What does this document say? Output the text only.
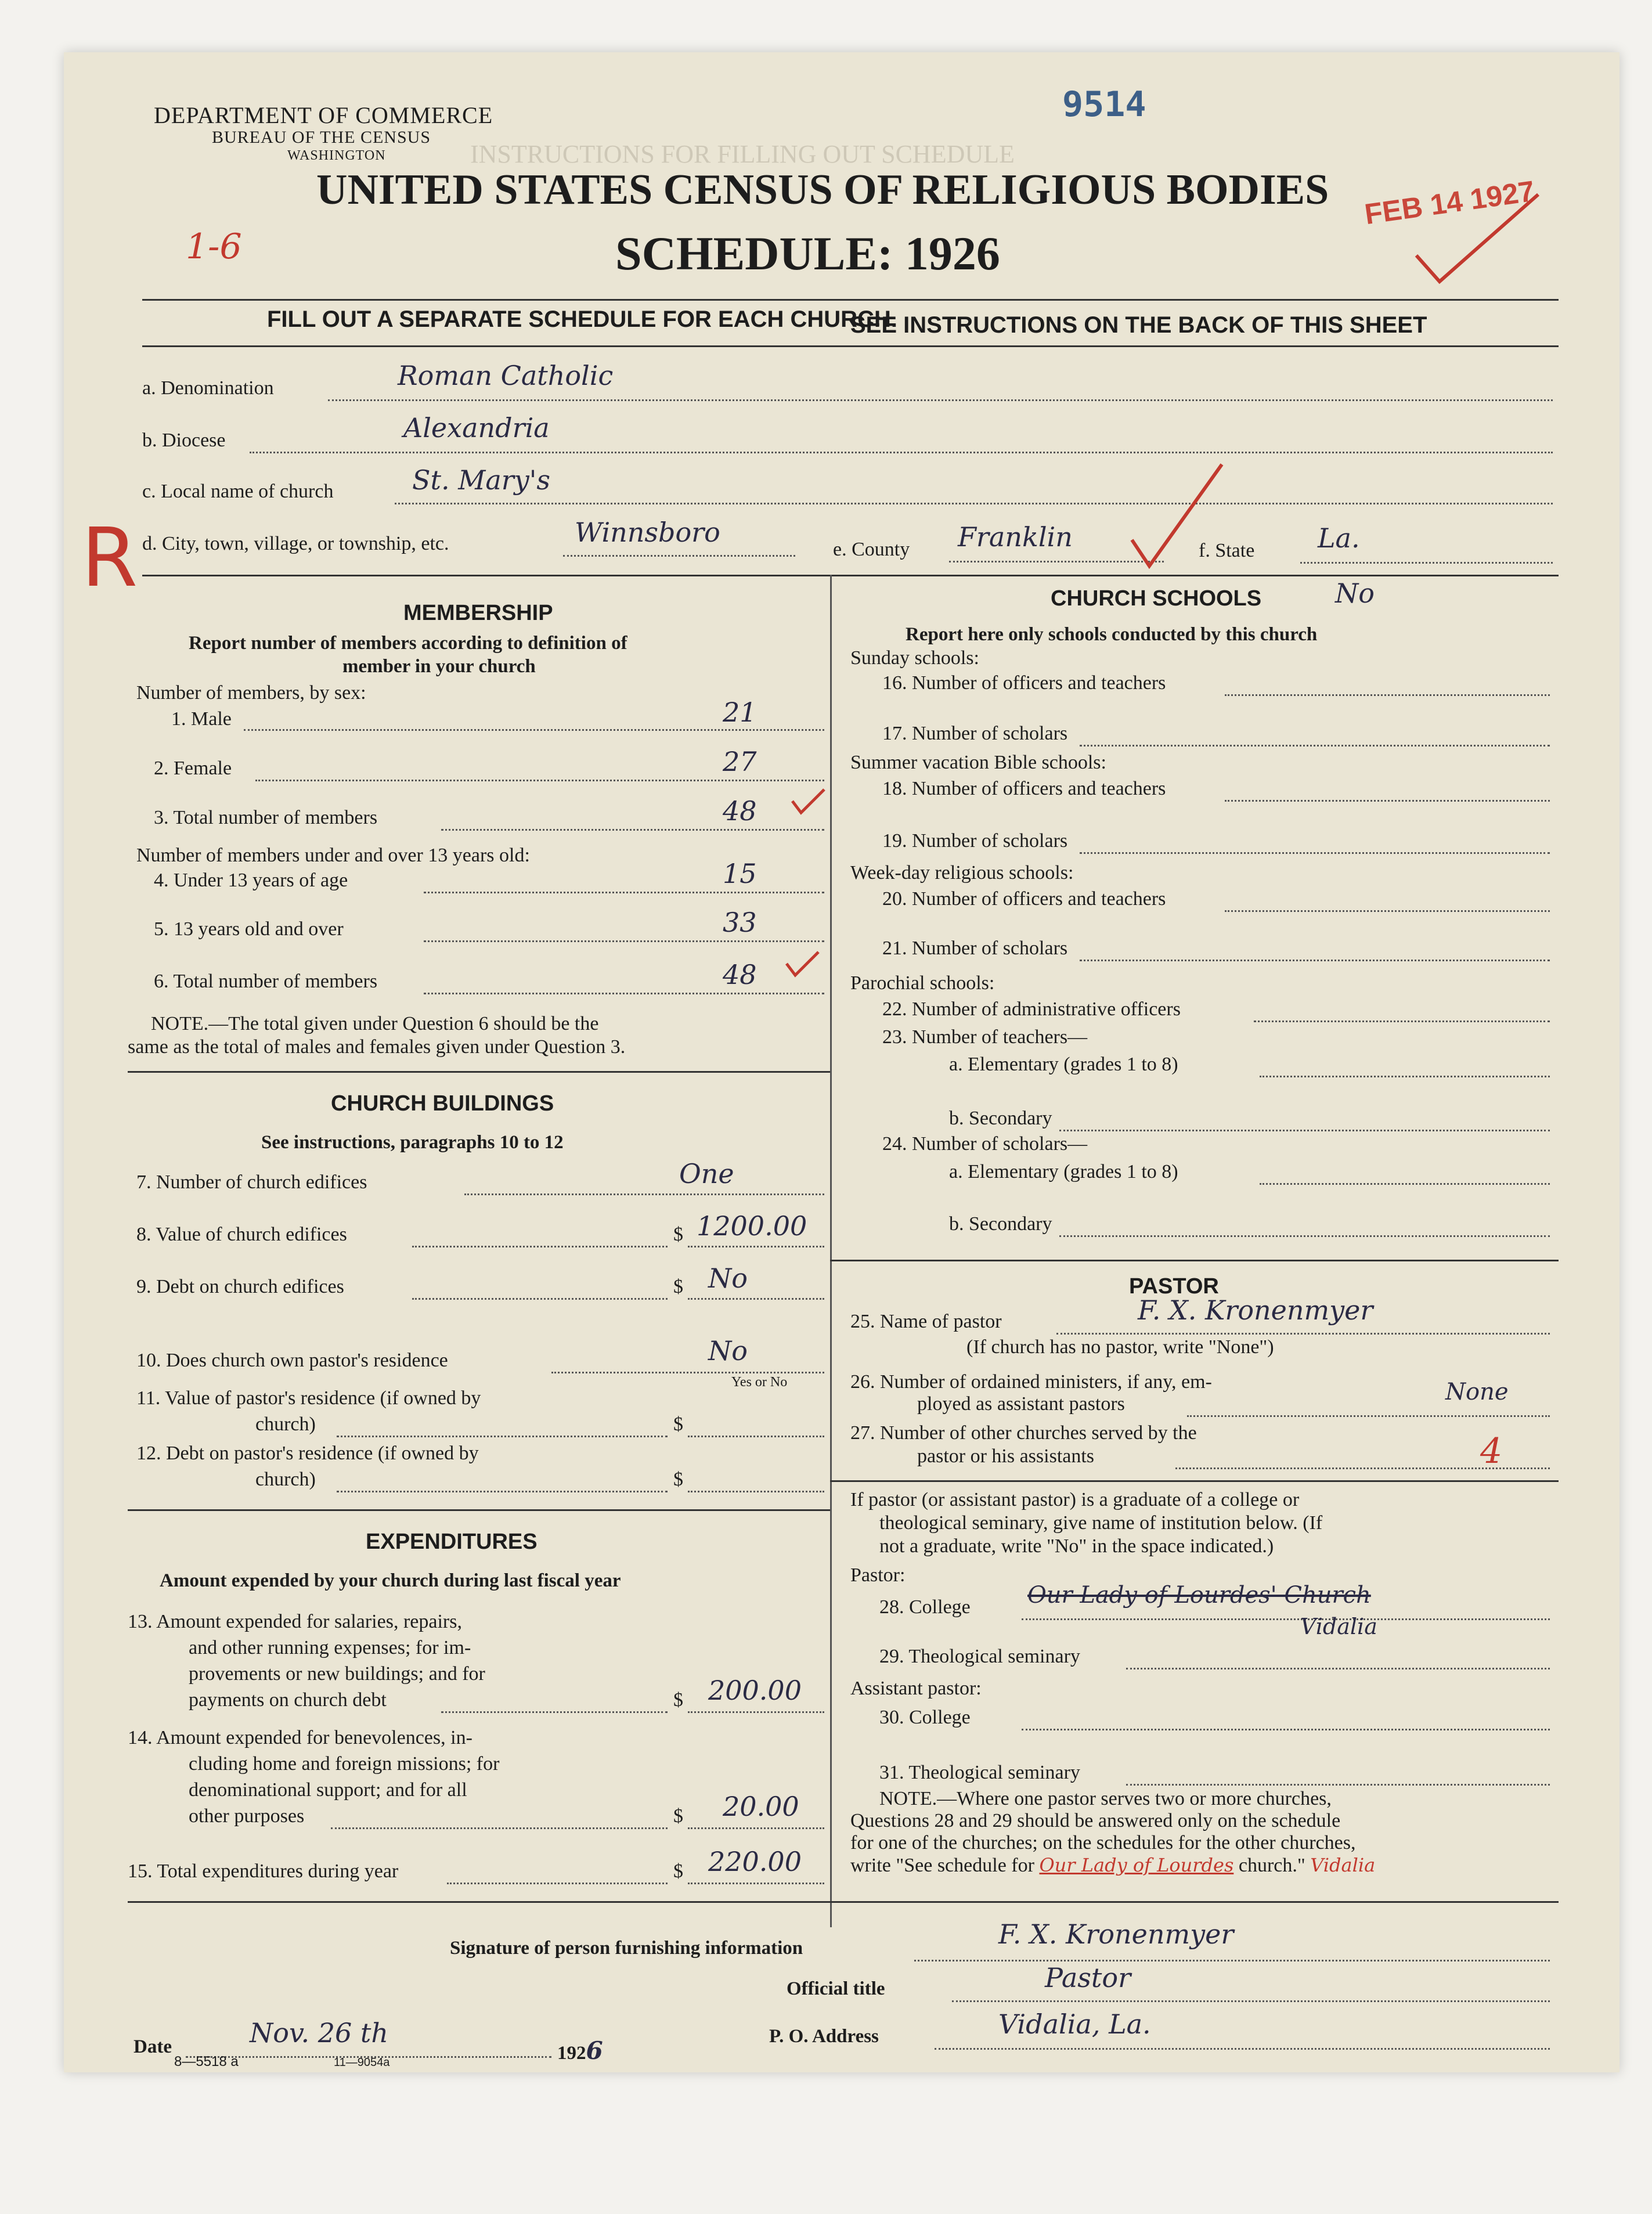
INSTRUCTIONS FOR FILLING OUT SCHEDULE
DEPARTMENT OF COMMERCE
BUREAU OF THE CENSUS
WASHINGTON
9514
FEB 14 1927
UNITED STATES CENSUS OF RELIGIOUS BODIES
SCHEDULE: 1926
1-6
FILL OUT A SEPARATE SCHEDULE FOR EACH CHURCH.
SEE INSTRUCTIONS ON THE BACK OF THIS SHEET
R
a. Denomination	Roman Catholic
b. Diocese	Alexandria
c. Local name of church	St. Mary's
d. City, town, village, or township, etc.	Winnsboro
e. County Franklin	f. State La.
MEMBERSHIP
Report number of members according to definition of
member in your church
Number of members, by sex:
1. Male	21
2. Female	27
3. Total number of members	48
Number of members under and over 13 years old:
4. Under 13 years of age	15
5. 13 years old and over	33
6. Total number of members	48
NOTE.—The total given under Question 6 should be the
same as the total of males and females given under Question 3.
CHURCH BUILDINGS
See instructions, paragraphs 10 to 12
7. Number of church edifices	One
8. Value of church edifices	$ 1200.00
9. Debt on church edifices	$ No
10. Does church own pastor's residence	No
Yes or No
11. Value of pastor's residence (if owned by
church)	$
12. Debt on pastor's residence (if owned by
church)	$
EXPENDITURES
Amount expended by your church during last fiscal year
13. Amount expended for salaries, repairs,
and other running expenses; for im-
provements or new buildings; and for
payments on church debt	$ 200.00
14. Amount expended for benevolences, in-
cluding home and foreign missions; for
denominational support; and for all
other purposes	$ 20.00
15. Total expenditures during year	$ 220.00
CHURCH SCHOOLS	No
Report here only schools conducted by this church
Sunday schools:
16. Number of officers and teachers
17. Number of scholars
Summer vacation Bible schools:
18. Number of officers and teachers
19. Number of scholars
Week-day religious schools:
20. Number of officers and teachers
21. Number of scholars
Parochial schools:
22. Number of administrative officers
23. Number of teachers—
a. Elementary (grades 1 to 8)
b. Secondary
24. Number of scholars—
a. Elementary (grades 1 to 8)
b. Secondary
PASTOR
25. Name of pastor	F. X. Kronenmyer
(If church has no pastor, write "None")
26. Number of ordained ministers, if any, em-
ployed as assistant pastors	None
27. Number of other churches served by the
pastor or his assistants	4
If pastor (or assistant pastor) is a graduate of a college or
theological seminary, give name of institution below. (If
not a graduate, write "No" in the space indicated.)
Pastor:
28. College Our Lady of Lourdes' Church
Vidalia
29. Theological seminary
Assistant pastor:
30. College
31. Theological seminary
NOTE.—Where one pastor serves two or more churches,
Questions 28 and 29 should be answered only on the schedule
for one of the churches; on the schedules for the other churches,
write "See schedule for Our Lady of Lourdes church." Vidalia
Signature of person furnishing information	F. X. Kronenmyer
Official title	Pastor
Date	Nov. 26 th
1926	P. O. Address	Vidalia, La.
8—5518 a	11—9054a
